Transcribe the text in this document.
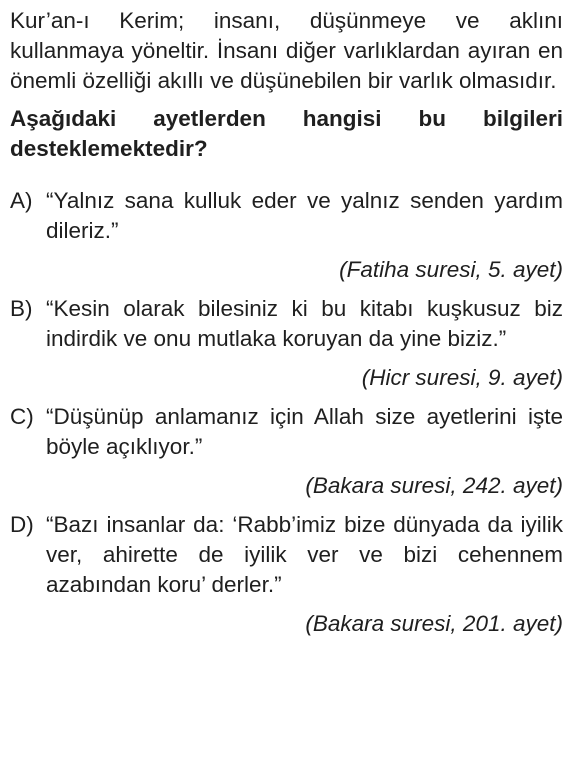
Kur’an-ı Kerim; insanı, düşünmeye ve aklını kullanmaya yöneltir. İnsanı diğer varlıklardan ayıran en önemli özelliği akıllı ve düşünebilen bir varlık olmasıdır.

Aşağıdaki ayetlerden hangisi bu bilgileri desteklemektedir?

A) “Yalnız sana kulluk eder ve yalnız senden yardım dileriz.”
(Fatiha suresi, 5. ayet)
B) “Kesin olarak bilesiniz ki bu kitabı kuşkusuz biz indirdik ve onu mutlaka koruyan da yine biziz.”
(Hicr suresi, 9. ayet)
C) “Düşünüp anlamanız için Allah size ayetlerini işte böyle açıklıyor.”
(Bakara suresi, 242. ayet)
D) “Bazı insanlar da: ‘Rabb’imiz bize dünyada da iyilik ver, ahirette de iyilik ver ve bizi cehennem azabından koru’ derler.”
(Bakara suresi, 201. ayet)
